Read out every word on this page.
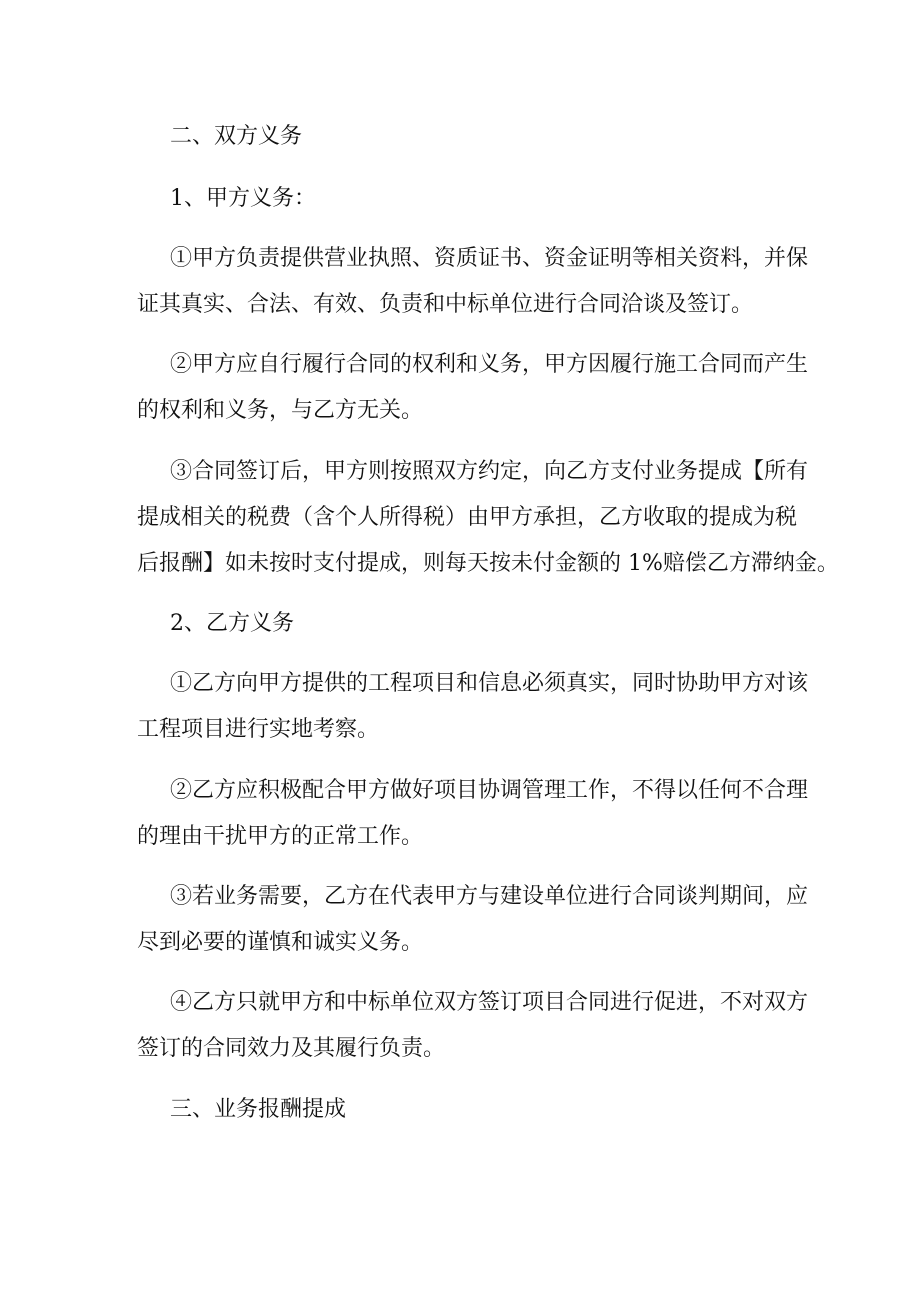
二、双方义务
1、甲方义务：
①甲方负责提供营业执照、资质证书、资金证明等相关资料，并保
证其真实、合法、有效、负责和中标单位进行合同洽谈及签订。
②甲方应自行履行合同的权利和义务，甲方因履行施工合同而产生
的权利和义务，与乙方无关。
③合同签订后，甲方则按照双方约定，向乙方支付业务提成【所有
提成相关的税费（含个人所得税）由甲方承担，乙方收取的提成为税
后报酬】如未按时支付提成，则每天按未付金额的 1%赔偿乙方滞纳金。
2、乙方义务
①乙方向甲方提供的工程项目和信息必须真实，同时协助甲方对该
工程项目进行实地考察。
②乙方应积极配合甲方做好项目协调管理工作，不得以任何不合理
的理由干扰甲方的正常工作。
③若业务需要，乙方在代表甲方与建设单位进行合同谈判期间，应
尽到必要的谨慎和诚实义务。
④乙方只就甲方和中标单位双方签订项目合同进行促进，不对双方
签订的合同效力及其履行负责。
三、业务报酬提成
